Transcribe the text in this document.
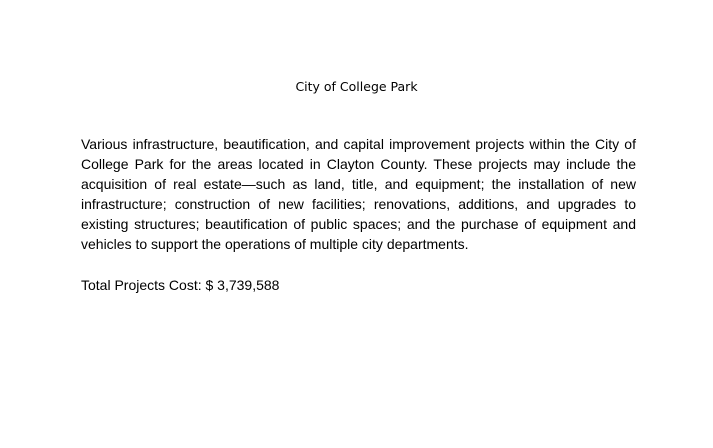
City of College Park

Various infrastructure, beautification, and capital improvement projects within the City of College Park for the areas located in Clayton County. These projects may include the acquisition of real estate—such as land, title, and equipment; the installation of new infrastructure; construction of new facilities; renovations, additions, and upgrades to existing structures; beautification of public spaces; and the purchase of equipment and vehicles to support the operations of multiple city departments.

Total Projects Cost: $ 3,739,588
